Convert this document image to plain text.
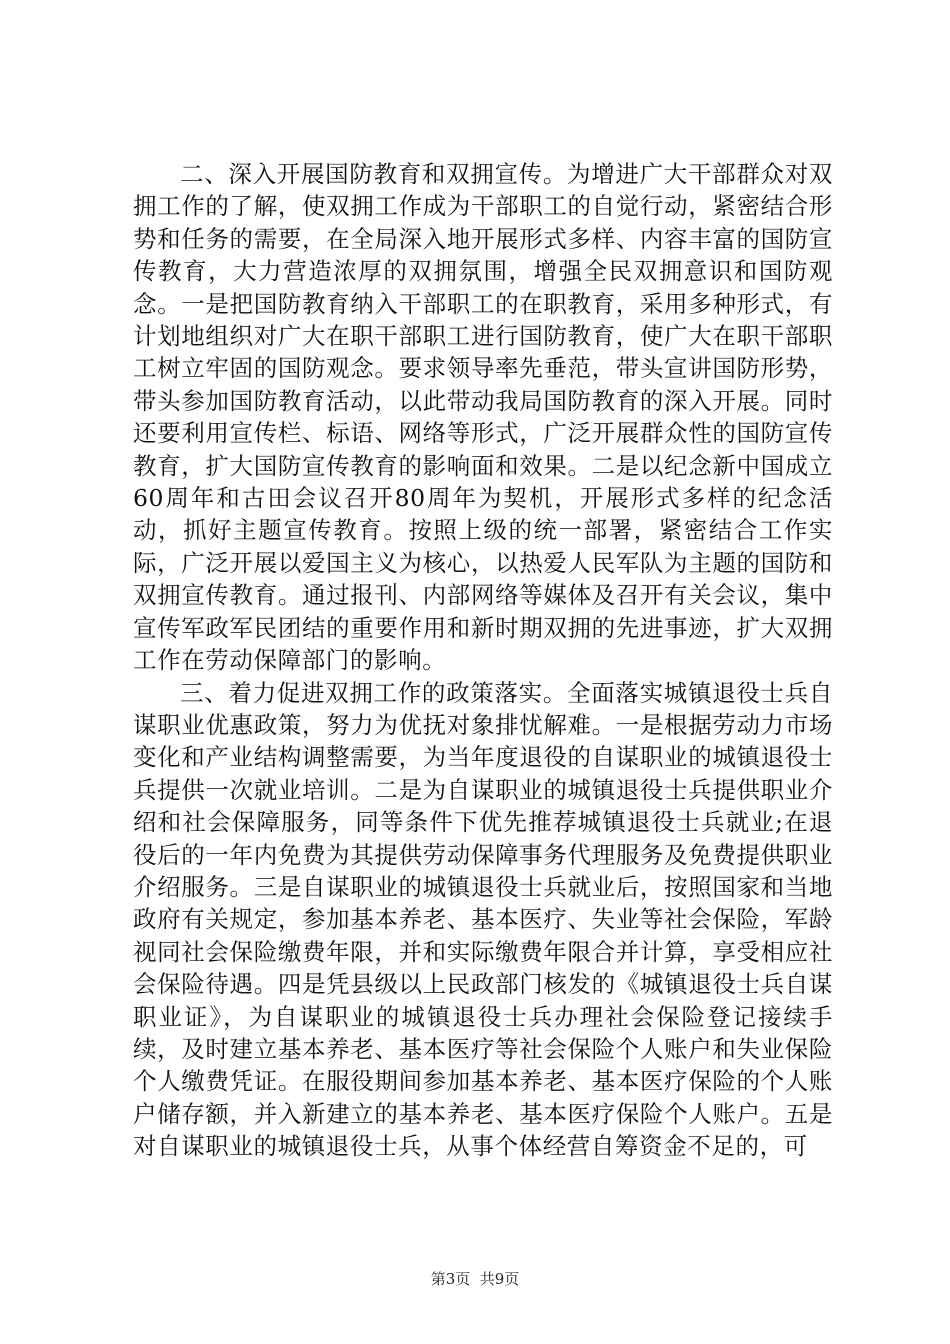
二、深入开展国防教育和双拥宣传。为增进广大干部群众对双拥工作的了解，使双拥工作成为干部职工的自觉行动，紧密结合形势和任务的需要，在全局深入地开展形式多样、内容丰富的国防宣传教育，大力营造浓厚的双拥氛围，增强全民双拥意识和国防观念。一是把国防教育纳入干部职工的在职教育，采用多种形式，有计划地组织对广大在职干部职工进行国防教育，使广大在职干部职工树立牢固的国防观念。要求领导率先垂范，带头宣讲国防形势，带头参加国防教育活动，以此带动我局国防教育的深入开展。同时还要利用宣传栏、标语、网络等形式，广泛开展群众性的国防宣传教育，扩大国防宣传教育的影响面和效果。二是以纪念新中国成立60周年和古田会议召开80周年为契机，开展形式多样的纪念活动，抓好主题宣传教育。按照上级的统一部署，紧密结合工作实际，广泛开展以爱国主义为核心，以热爱人民军队为主题的国防和双拥宣传教育。通过报刊、内部网络等媒体及召开有关会议，集中宣传军政军民团结的重要作用和新时期双拥的先进事迹，扩大双拥工作在劳动保障部门的影响。

三、着力促进双拥工作的政策落实。全面落实城镇退役士兵自谋职业优惠政策，努力为优抚对象排忧解难。一是根据劳动力市场变化和产业结构调整需要，为当年度退役的自谋职业的城镇退役士兵提供一次就业培训。二是为自谋职业的城镇退役士兵提供职业介绍和社会保障服务，同等条件下优先推荐城镇退役士兵就业;在退役后的一年内免费为其提供劳动保障事务代理服务及免费提供职业介绍服务。三是自谋职业的城镇退役士兵就业后，按照国家和当地政府有关规定，参加基本养老、基本医疗、失业等社会保险，军龄视同社会保险缴费年限，并和实际缴费年限合并计算，享受相应社会保险待遇。四是凭县级以上民政部门核发的《城镇退役士兵自谋职业证》，为自谋职业的城镇退役士兵办理社会保险登记接续手续，及时建立基本养老、基本医疗等社会保险个人账户和失业保险个人缴费凭证。在服役期间参加基本养老、基本医疗保险的个人账户储存额，并入新建立的基本养老、基本医疗保险个人账户。五是对自谋职业的城镇退役士兵，从事个体经营自筹资金不足的，可

第3页  共9页
